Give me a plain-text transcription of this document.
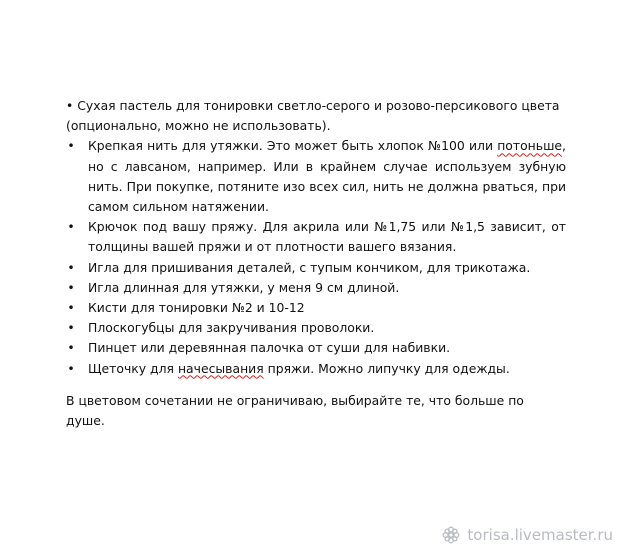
• Сухая пастель для тонировки светло-серого и розово-персикового цвета (опционально, можно не использовать).

• Крепкая нить для утяжки. Это может быть хлопок №100 или потоньше, но с лавсаном, например. Или в крайнем случае используем зубную нить. При покупке, потяните изо всех сил, нить не должна рваться, при самом сильном натяжении.
• Крючок под вашу пряжу. Для акрила или №1,75 или №1,5 зависит, от толщины вашей пряжи и от плотности вашего вязания.
• Игла для пришивания деталей, с тупым кончиком, для трикотажа.
• Игла длинная для утяжки, у меня 9 см длиной.
• Кисти для тонировки №2 и 10-12
• Плоскогубцы для закручивания проволоки.
• Пинцет или деревянная палочка от суши для набивки.
• Щеточку для начесывания пряжи. Можно липучку для одежды.

В цветовом сочетании не ограничиваю, выбирайте те, что больше по душе.

torisa.livemaster.ru
